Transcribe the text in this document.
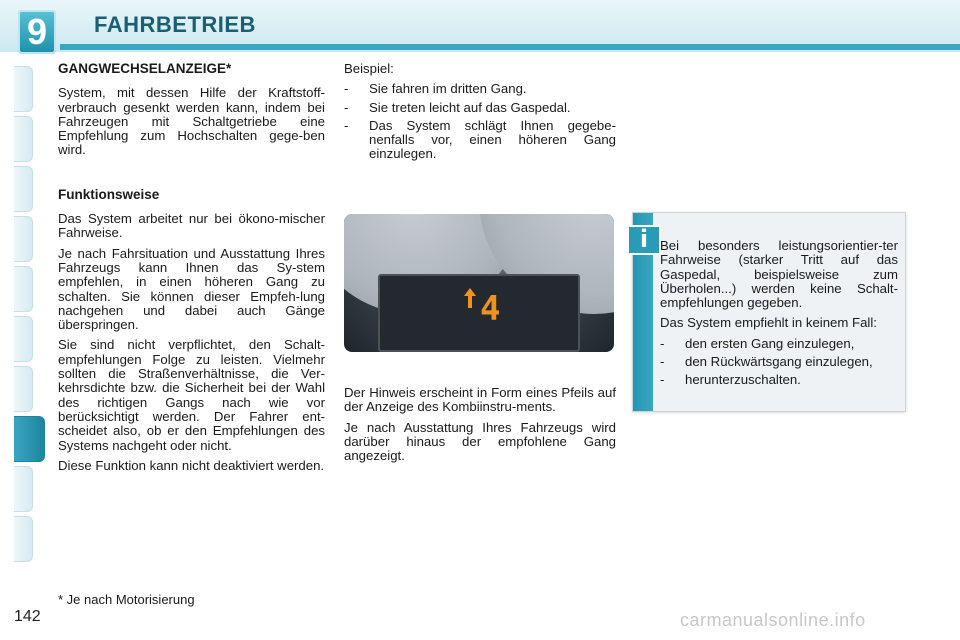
9	FAHRBETRIEB
GANGWECHSELANZEIGE*

System, mit dessen Hilfe der Kraftstoff-verbrauch gesenkt werden kann, indem bei Fahrzeugen mit Schaltgetriebe eine Empfehlung zum Hochschalten gege-ben wird.

Funktionsweise

Das System arbeitet nur bei ökono-mischer Fahrweise.

Je nach Fahrsituation und Ausstattung Ihres Fahrzeugs kann Ihnen das Sy-stem empfehlen, in einen höheren Gang zu schalten. Sie können dieser Empfeh-lung nachgehen und dabei auch Gänge überspringen.

Sie sind nicht verpflichtet, den Schalt-empfehlungen Folge zu leisten. Vielmehr sollten die Straßenverhältnisse, die Ver-kehrsdichte bzw. die Sicherheit bei der Wahl des richtigen Gangs nach wie vor berücksichtigt werden. Der Fahrer ent-scheidet also, ob er den Empfehlungen des Systems nachgeht oder nicht.

Diese Funktion kann nicht deaktiviert werden.

Beispiel:

- Sie fahren im dritten Gang.
- Sie treten leicht auf das Gaspedal.
- Das System schlägt Ihnen gegebe-nenfalls vor, einen höheren Gang einzulegen.
4

Der Hinweis erscheint in Form eines Pfeils auf der Anzeige des Kombiinstru-ments.

Je nach Ausstattung Ihres Fahrzeugs wird darüber hinaus der empfohlene Gang angezeigt.

i Bei besonders leistungsorientier-ter Fahrweise (starker Tritt auf das Gaspedal, beispielsweise zum Überholen...) werden keine Schalt-empfehlungen gegeben.

Das System empfiehlt in keinem Fall:

- den ersten Gang einzulegen,
- den Rückwärtsgang einzulegen,
- herunterzuschalten.
* Je nach Motorisierung
142	carmanualsonline.info
